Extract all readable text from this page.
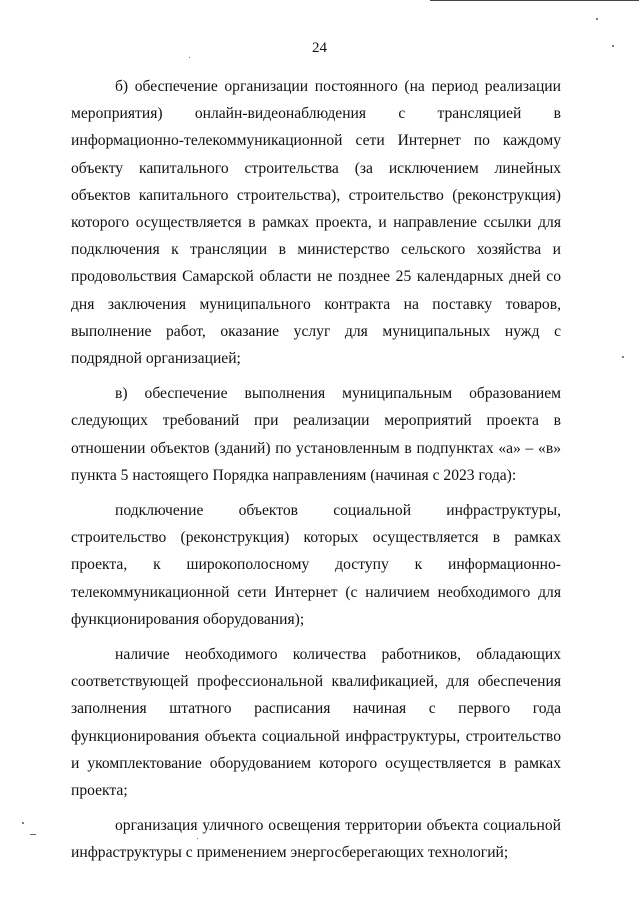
24

б) обеспечение организации постоянного (на период реализации мероприятия) онлайн-видеонаблюдения с трансляцией в информационно-телекоммуникационной сети Интернет по каждому объекту капитального строительства (за исключением линейных объектов капитального строительства), строительство (реконструкция) которого осуществляется в рамках проекта, и направление ссылки для подключения к трансляции в министерство сельского хозяйства и продовольствия Самарской области не позднее 25 календарных дней со дня заключения муниципального контракта на поставку товаров, выполнение работ, оказание услуг для муниципальных нужд с подрядной организацией;

в) обеспечение выполнения муниципальным образованием следующих требований при реализации мероприятий проекта в отношении объектов (зданий) по установленным в подпунктах «а» – «в» пункта 5 настоящего Порядка направлениям (начиная с 2023 года):

подключение объектов социальной инфраструктуры, строительство (реконструкция) которых осуществляется в рамках проекта, к широкополосному доступу к информационно-телекоммуникационной сети Интернет (с наличием необходимого для функционирования оборудования);

наличие необходимого количества работников, обладающих соответствующей профессиональной квалификацией, для обеспечения заполнения штатного расписания начиная с первого года функционирования объекта социальной инфраструктуры, строительство и укомплектование оборудованием которого осуществляется в рамках проекта;

организация уличного освещения территории объекта социальной инфраструктуры с применением энергосберегающих технологий;
